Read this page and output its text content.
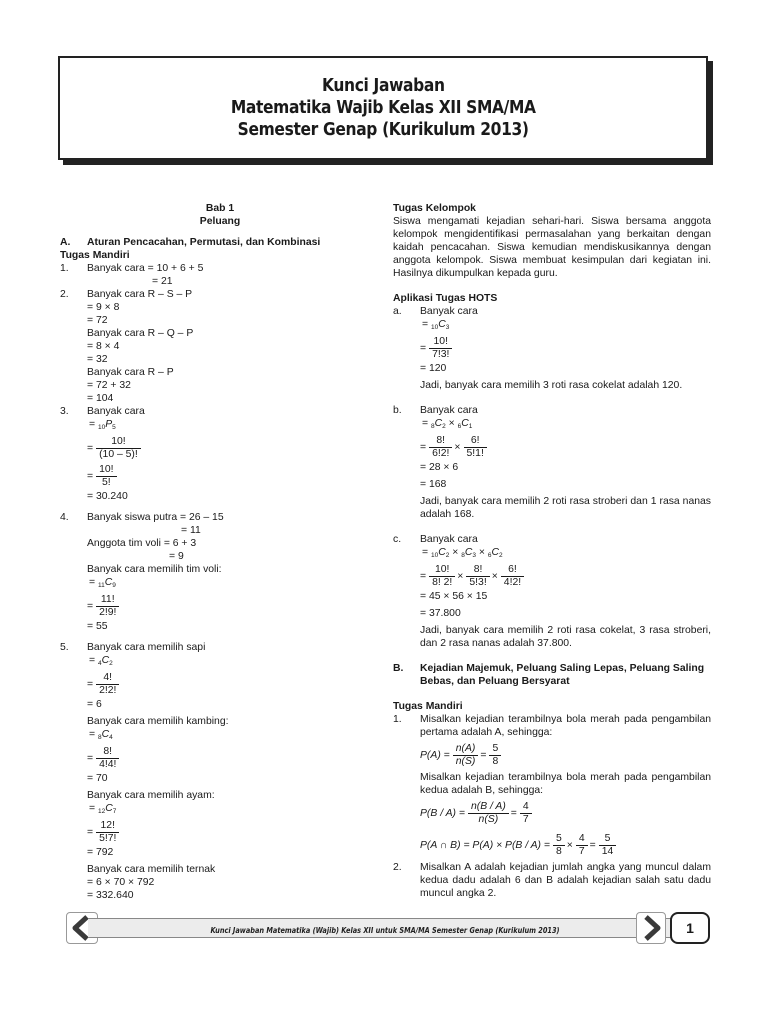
Kunci Jawaban
Matematika Wajib Kelas XII SMA/MA
Semester Genap (Kurikulum 2013)
Bab 1
Peluang
A. Aturan Pencacahan, Permutasi, dan Kombinasi
Tugas Mandiri
1. Banyak cara = 10 + 6 + 5
= 21
2. Banyak cara R – S – P
= 9 × 8
= 72
Banyak cara R – Q – P
= 8 × 4
= 32
Banyak cara R – P
= 72 + 32
= 104
3. Banyak cara
= $_{10}P_5$
= $\frac{10!}{(10 - 5)!}$
= $\frac{10!}{5!}$
= 30.240
4. Banyak siswa putra = 26 – 15
= 11
Anggota tim voli = 6 + 3
= 9
Banyak cara memilih tim voli:
= $_{11}C_9$
= $\frac{11!}{2!9!}$
= 55
5. Banyak cara memilih sapi
= $_4C_2$
= $\frac{4!}{2!2!}$
= 6
Banyak cara memilih kambing:
= $_8C_4$
= $\frac{8!}{4!4!}$
= 70
Banyak cara memilih ayam:
= $_{12}C_7$
= $\frac{12!}{5!7!}$
= 792
Banyak cara memilih ternak
= 6 × 70 × 792
= 332.640
Tugas Kelompok
Siswa mengamati kejadian sehari-hari. Siswa bersama anggota kelompok mengidentifikasi permasalahan yang berkaitan dengan kaidah pencacahan. Siswa kemudian mendiskusikannya dengan anggota kelompok. Siswa membuat kesimpulan dari kegiatan ini. Hasilnya dikumpulkan kepada guru.
Aplikasi Tugas HOTS
a. Banyak cara
= $_{10}C_3$
= $\frac{10!}{7!3!}$
= 120
Jadi, banyak cara memilih 3 roti rasa cokelat adalah 120.
b. Banyak cara
= $_8C_2 \times _6C_1$
= $\frac{8!}{6!2!} \times \frac{6!}{5!1!}$
= 28 × 6
= 168
Jadi, banyak cara memilih 2 roti rasa stroberi dan 1 rasa nanas adalah 168.
c. Banyak cara
= $_{10}C_2 \times _8C_3 \times _6C_2$
= $\frac{10!}{8! 2!} \times \frac{8!}{5!3!} \times \frac{6!}{4!2!}$
= 45 × 56 × 15
= 37.800
Jadi, banyak cara memilih 2 roti rasa cokelat, 3 rasa stroberi, dan 2 rasa nanas adalah 37.800.
B. Kejadian Majemuk, Peluang Saling Lepas, Peluang Saling Bebas, dan Peluang Bersyarat
Tugas Mandiri
1. Misalkan kejadian terambilnya bola merah pada pengambilan pertama adalah A, sehingga:
$P(A) = \frac{n(A)}{n(S)} = \frac{5}{8}$
Misalkan kejadian terambilnya bola merah pada pengambilan kedua adalah B, sehingga:
$P(B / A) = \frac{n(B / A)}{n(S)} = \frac{4}{7}$
P(A ∩ $B) = P(A) \times P(B / A) = \frac{5}{8} \times \frac{4}{7} = \frac{5}{14}$
2. Misalkan A adalah kejadian jumlah angka yang muncul dalam kedua dadu adalah 6 dan B adalah kejadian salah satu dadu muncul angka 2.
Kunci Jawaban Matematika (Wajib) Kelas XII untuk SMA/MA Semester Genap (Kurikulum 2013)	1
